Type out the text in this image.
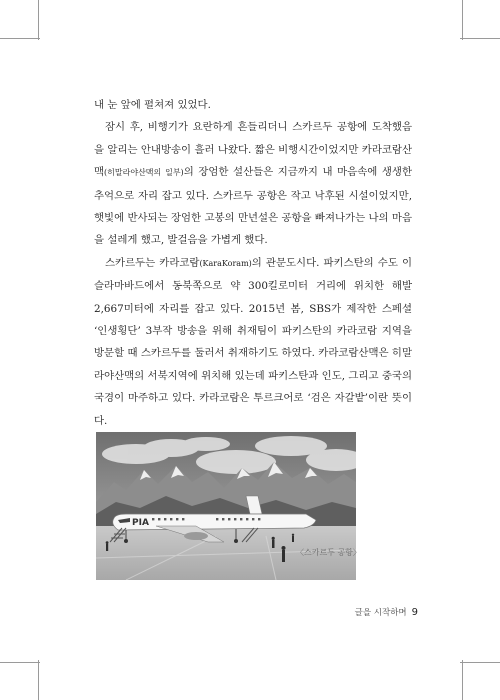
내 눈 앞에 펼쳐져 있었다.

잠시 후, 비행기가 요란하게 흔들리더니 스카르두 공항에 도착했음을 알리는 안내방송이 흘러 나왔다. 짧은 비행시간이었지만 카라코람산맥(히말라야산맥의 일부)의 장엄한 설산들은 지금까지 내 마음속에 생생한 추억으로 자리 잡고 있다. 스카르두 공항은 작고 낙후된 시설이었지만, 햇빛에 반사되는 장엄한 고봉의 만년설은 공항을 빠져나가는 나의 마음을 설레게 했고, 발걸음을 가볍게 했다.

스카르두는 카라코람(KaraKoram)의 관문도시다. 파키스탄의 수도 이슬라마바드에서 동북쪽으로 약 300킬로미터 거리에 위치한 해발 2,667미터에 자리를 잡고 있다. 2015년 봄, SBS가 제작한 스페셜 ‘인생횡단’ 3부작 방송을 위해 취재팀이 파키스탄의 카라코람 지역을 방문할 때 스카르두를 둘러서 취재하기도 하였다. 카라코람산맥은 히말라야산맥의 서북지역에 위치해 있는데 파키스탄과 인도, 그리고 중국의 국경이 마주하고 있다. 카라코람은 투르크어로 ‘검은 자갈밭’이란 뜻이다.

PIA
〈스카르두 공항〉
글을 시작하며 9
